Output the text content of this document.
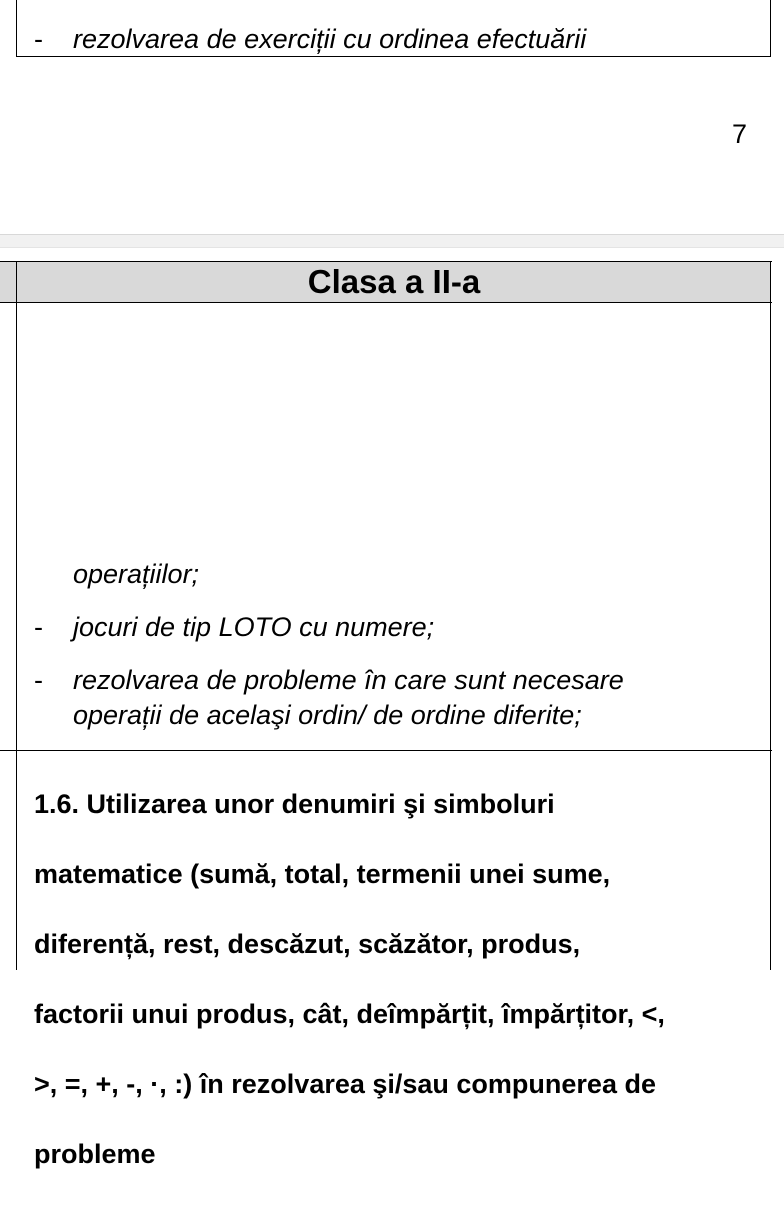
- rezolvarea de exerciții cu ordinea efectuării
7
Clasa a II-a
operațiilor;
- jocuri de tip LOTO cu numere;
- rezolvarea de probleme în care sunt necesare
operații de acelaşi ordin/ de ordine diferite;

1.6. Utilizarea unor denumiri şi simboluri

matematice (sumă, total, termenii unei sume,

diferență, rest, descăzut, scăzător, produs,

factorii unui produs, cât, deîmpărțit, împărțitor, <,

>, =, +, -, ·, :) în rezolvarea şi/sau compunerea de

probleme
